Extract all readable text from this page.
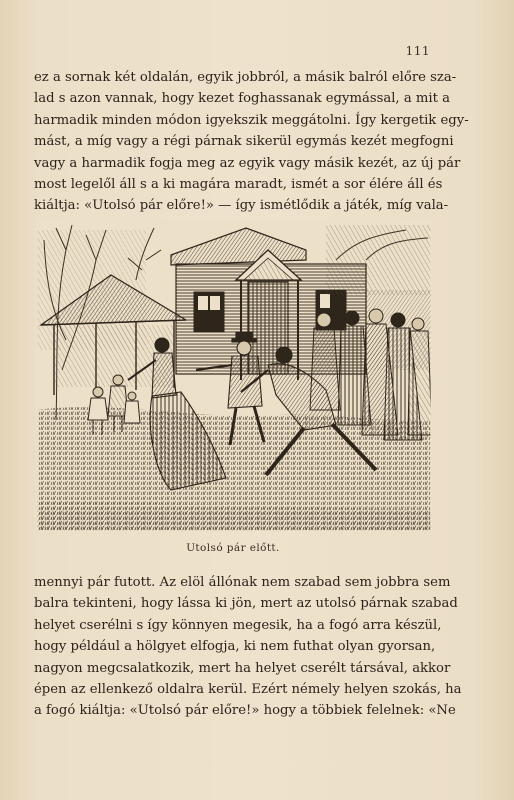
111
ez a sornak két oldalán, egyik jobbról, a másik balról előre sza-
lad s azon vannak, hogy kezet foghassanak egymással, a mit a
harmadik minden módon igyekszik meggátolni. Így kergetik egy-
mást, a míg vagy a régi párnak sikerül egymás kezét megfogni
vagy a harmadik fogja meg az egyik vagy másik kezét, az új pár
most legelől áll s a ki magára maradt, ismét a sor élére áll és
kiáltja: «Utolsó pár előre!» — így ismétlődik a játék, míg vala-
Utolsó pár előtt.
mennyi pár futott. Az elöl állónak nem szabad sem jobbra sem
balra tekinteni, hogy lássa ki jön, mert az utolsó párnak szabad
helyet cserélni s így könnyen megesik, ha a fogó arra készül,
hogy például a hölgyet elfogja, ki nem futhat olyan gyorsan,
nagyon megcsalatkozik, mert ha helyet cserélt társával, akkor
épen az ellenkező oldalra kerül. Ezért némely helyen szokás, ha
a fogó kiáltja: «Utolsó pár előre!» hogy a többiek felelnek: «Ne
